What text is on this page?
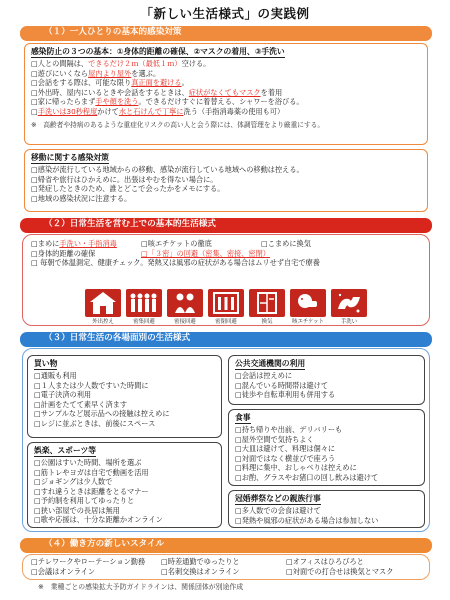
「新しい生活様式」の実践例
（１）一人ひとりの基本的感染対策
感染防止の３つの基本：①身体的距離の確保、②マスクの着用、③手洗い
□人との間隔は、できるだけ２ｍ（最低１ｍ）空ける。
□遊びにいくなら屋内より屋外を選ぶ。
□会話をする際は、可能な限り真正面を避ける。
□外出時、屋内にいるときや会話をするときは、症状がなくてもマスクを着用
□家に帰ったらまず手や顔を洗う。できるだけすぐに着替える、シャワーを浴びる。
□手洗いは30秒程度かけて水と石けんで丁寧に洗う（手指消毒薬の使用も可）
※　高齢者や持病のあるような重症化リスクの高い人と会う際には、体調管理をより厳重にする。
移動に関する感染対策
□感染が流行している地域からの移動、感染が流行している地域への移動は控える。
□帰省や旅行はひかえめに。出張はやむを得ない場合に。
□発症したときのため、誰とどこで会ったかをメモにする。
□地域の感染状況に注意する。
（２）日常生活を営む上での基本的生活様式
□まめに手洗い・手指消毒	□咳エチケットの徹底	□こまめに換気
□身体的距離の確保	□「３密」の回避（密集、密接、密閉）
□ 毎朝で体温測定、健康チェック。発熱又は風邪の症状がある場合はムリせず自宅で療養
外出控え	密集回避	密接回避	密閉回避	換気	咳エチケット	手洗い
（３）日常生活の各場面別の生活様式
買い物
□通販も利用
□１人または少人数ですいた時間に
□電子決済の利用
□計画をたてて素早く済ます
□サンプルなど展示品への接触は控えめに
□レジに並ぶときは、前後にスペース
娯楽、スポーツ等
□公園はすいた時間、場所を選ぶ
□筋トレやヨガは自宅で動画を活用
□ジョギングは少人数で
□すれ違うときは距離をとるマナー
□予約制を利用してゆったりと
□狭い部屋での長居は無用
□歌や応援は、十分な距離かオンライン
公共交通機関の利用
□会話は控えめに
□混んでいる時間帯は避けて
□徒歩や自転車利用も併用する
食事
□持ち帰りや出前、デリバリーも
□屋外空間で気持ちよく
□大皿は避けて、料理は個々に
□対面ではなく横並びで座ろう
□料理に集中、おしゃべりは控えめに
□お酌、グラスやお猪口の回し飲みは避けて
冠婚葬祭などの親族行事
□多人数での会食は避けて
□発熱や風邪の症状がある場合は参加しない
（４）働き方の新しいスタイル
□テレワークやローテーション勤務	□時差通勤でゆったりと	□オフィスはひろびろと
□会議はオンライン	□名刺交換はオンライン	□対面での打合せは換気とマスク
※　業種ごとの感染拡大予防ガイドラインは、関係団体が別途作成
